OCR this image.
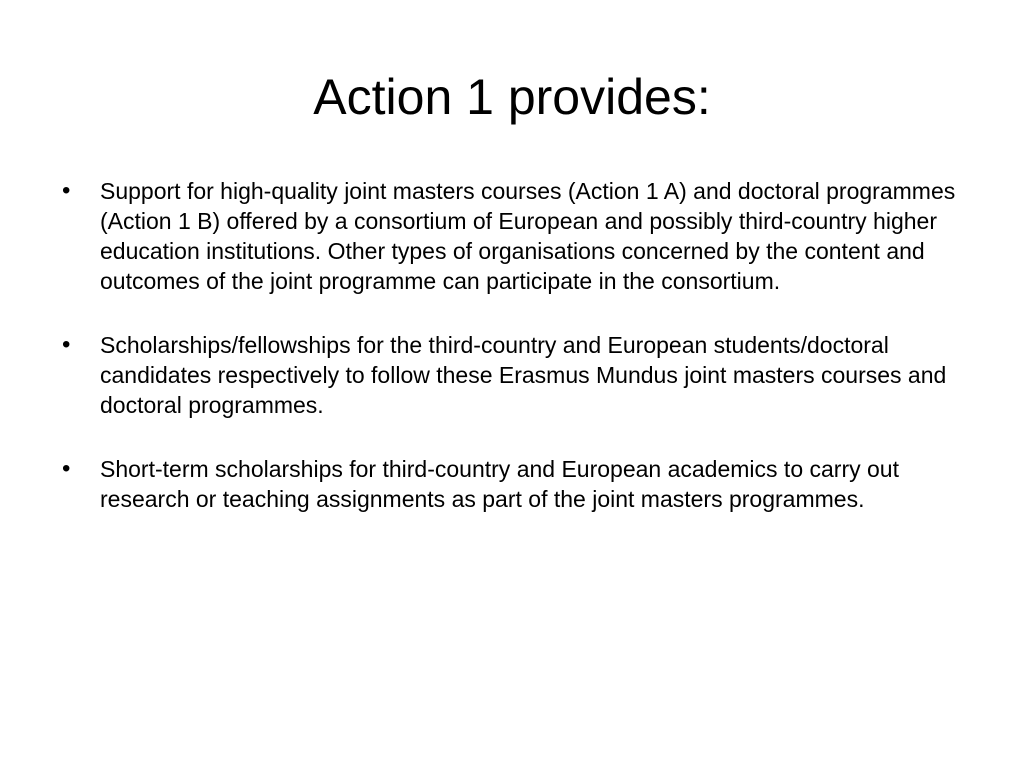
Action 1 provides:
•	Support for high-quality joint masters courses (Action 1 A) and doctoral programmes (Action 1 B) offered by a consortium of European and possibly third-country higher education institutions. Other types of organisations concerned by the content and outcomes of the joint programme can participate in the consortium.
•	Scholarships/fellowships for the third-country and European students/doctoral candidates respectively to follow these Erasmus Mundus joint masters courses and doctoral programmes.
•	Short-term scholarships for third-country and European academics to carry out research or teaching assignments as part of the joint masters programmes.
